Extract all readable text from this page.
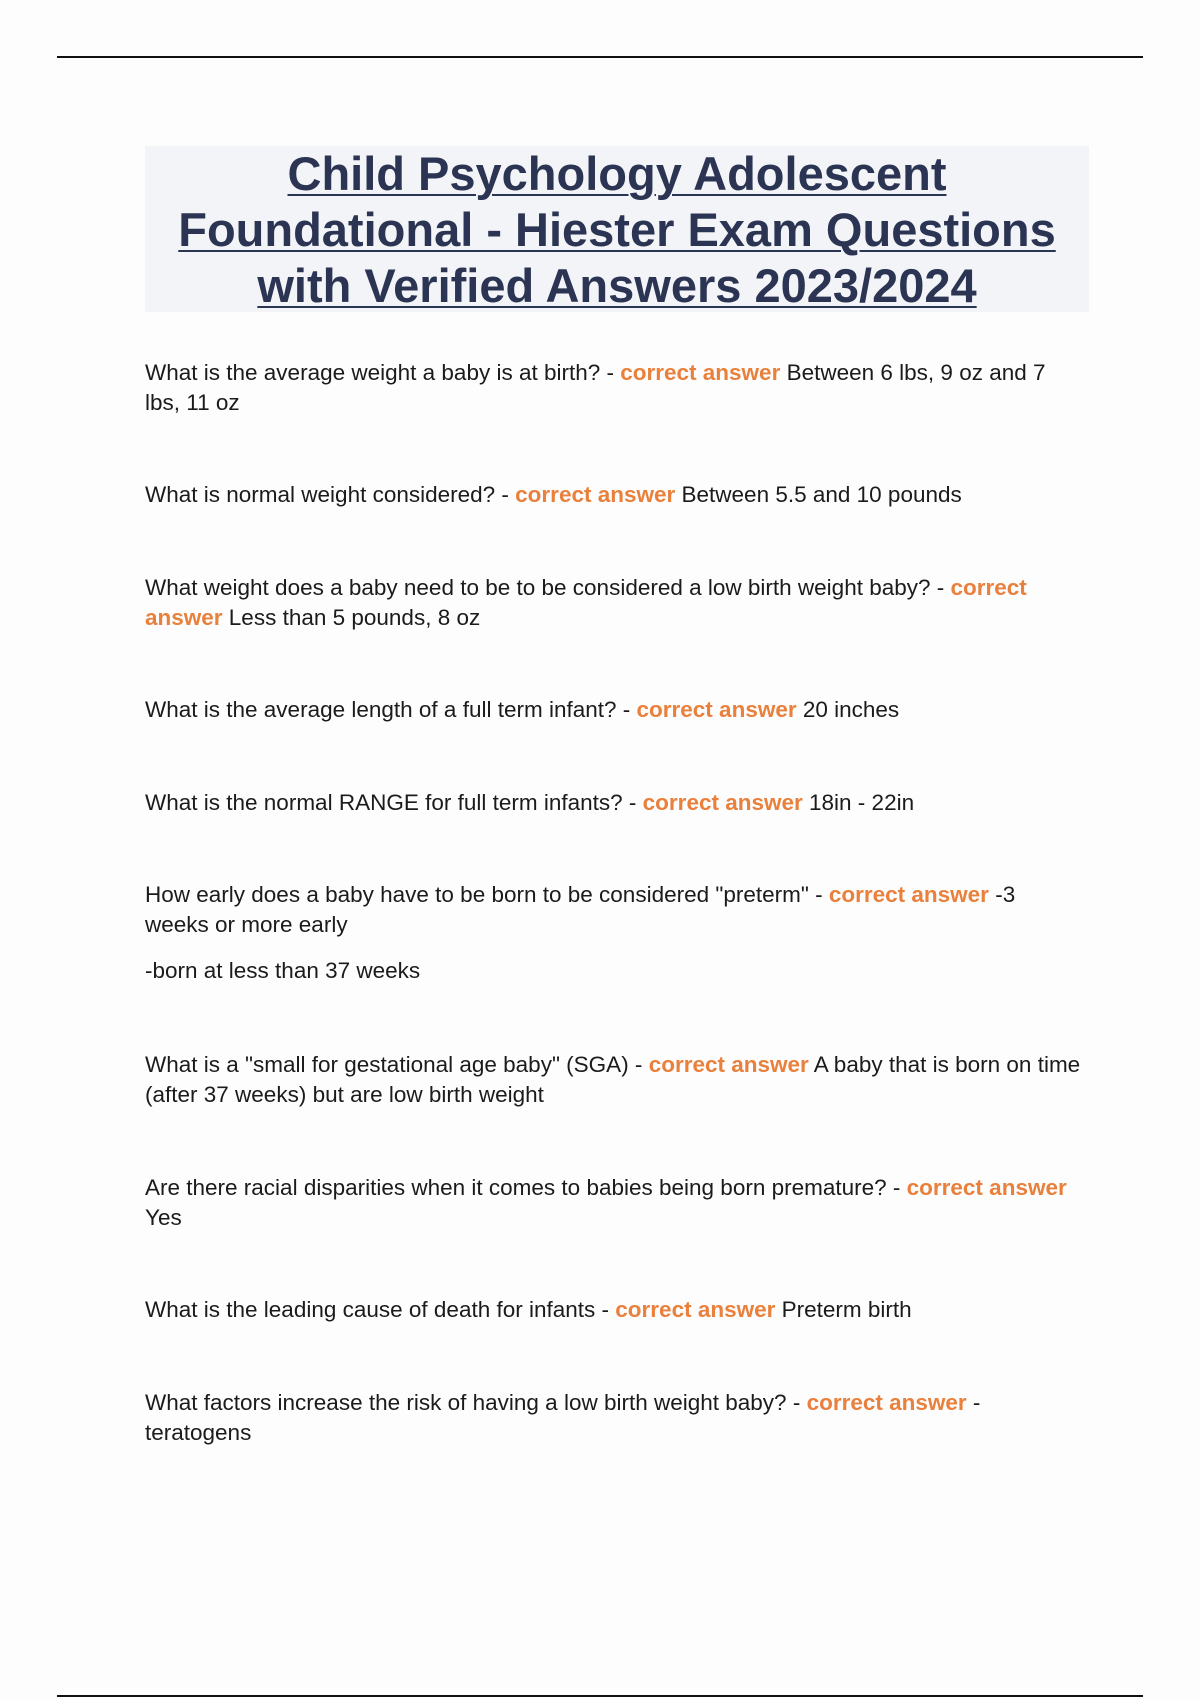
Child Psychology Adolescent
Foundational - Hiester Exam Questions
with Verified Answers 2023/2024

What is the average weight a baby is at birth? - correct answer Between 6 lbs, 9 oz and 7 lbs, 11 oz

What is normal weight considered? - correct answer Between 5.5 and 10 pounds

What weight does a baby need to be to be considered a low birth weight baby? - correct answer Less than 5 pounds, 8 oz

What is the average length of a full term infant? - correct answer 20 inches

What is the normal RANGE for full term infants? - correct answer 18in - 22in

How early does a baby have to be born to be considered "preterm" - correct answer -3 weeks or more early

-born at less than 37 weeks

What is a "small for gestational age baby" (SGA) - correct answer A baby that is born on time (after 37 weeks) but are low birth weight

Are there racial disparities when it comes to babies being born premature? - correct answer Yes

What is the leading cause of death for infants - correct answer Preterm birth

What factors increase the risk of having a low birth weight baby? - correct answer -teratogens
